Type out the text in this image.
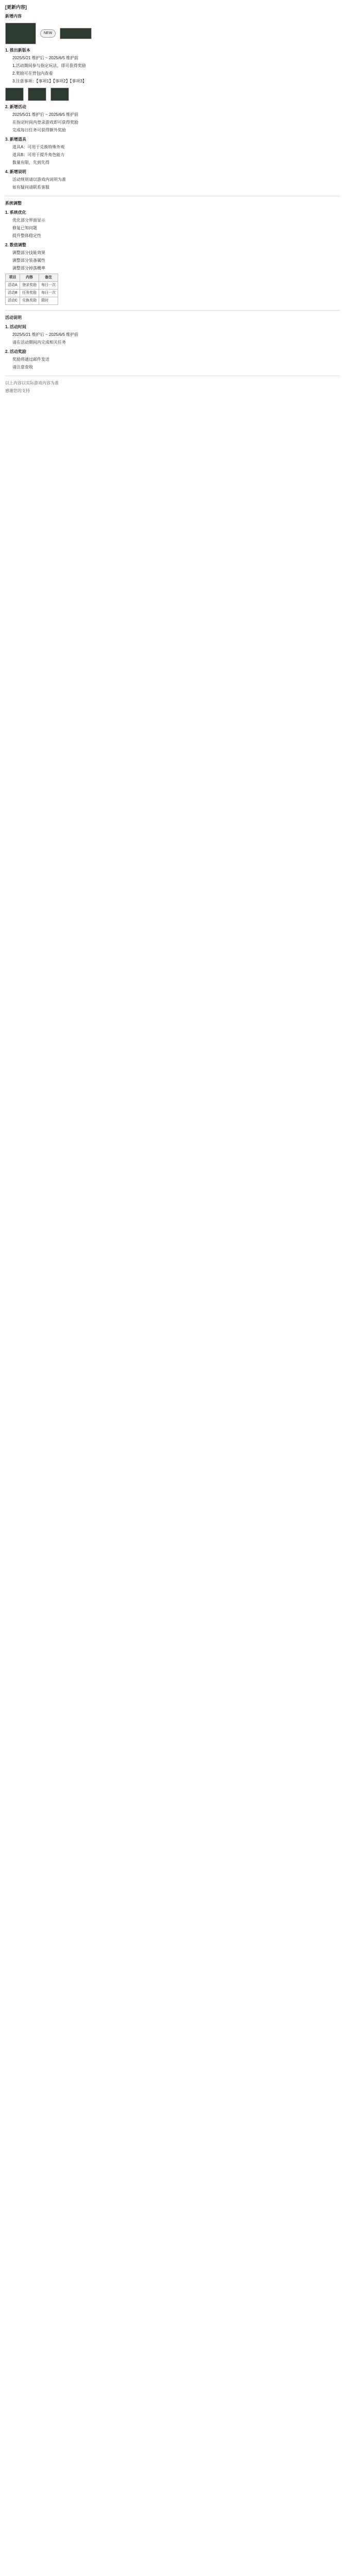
[更新内容]
新增内容
NEW
1. 推出新版本
2025/5/21 维护后 ~ 2025/6/5 维护前
1.活动期间参与指定玩法，即可获得奖励
2.奖励可在背包内查看
3.注意事项：【事项1】【事项2】【事项3】
2. 新增活动
2025/5/21 维护后 ~ 2025/6/5 维护前
在指定时间内登录游戏即可获得奖励
完成每日任务可获得额外奖励
3. 新增道具
道具A：可用于兑换特殊外观
道具B：可用于提升角色能力
数量有限，先到先得
4. 新增说明
活动规则请以游戏内说明为准
如有疑问请联系客服
系统调整
1. 系统优化
优化部分界面显示
修复已知问题
提升整体稳定性
2. 数值调整
调整部分技能效果
调整部分装备属性
调整部分掉落概率
项目	内容	备注
活动A	登录奖励	每日一次
活动B	任务奖励	每日一次
活动C	兑换奖励	限时
活动说明
1. 活动时间
2025/5/21 维护后 ~ 2025/6/5 维护前
请在活动期间内完成相关任务
2. 活动奖励
奖励将通过邮件发送
请注意查收
以上内容以实际游戏内容为准
感谢您的支持
